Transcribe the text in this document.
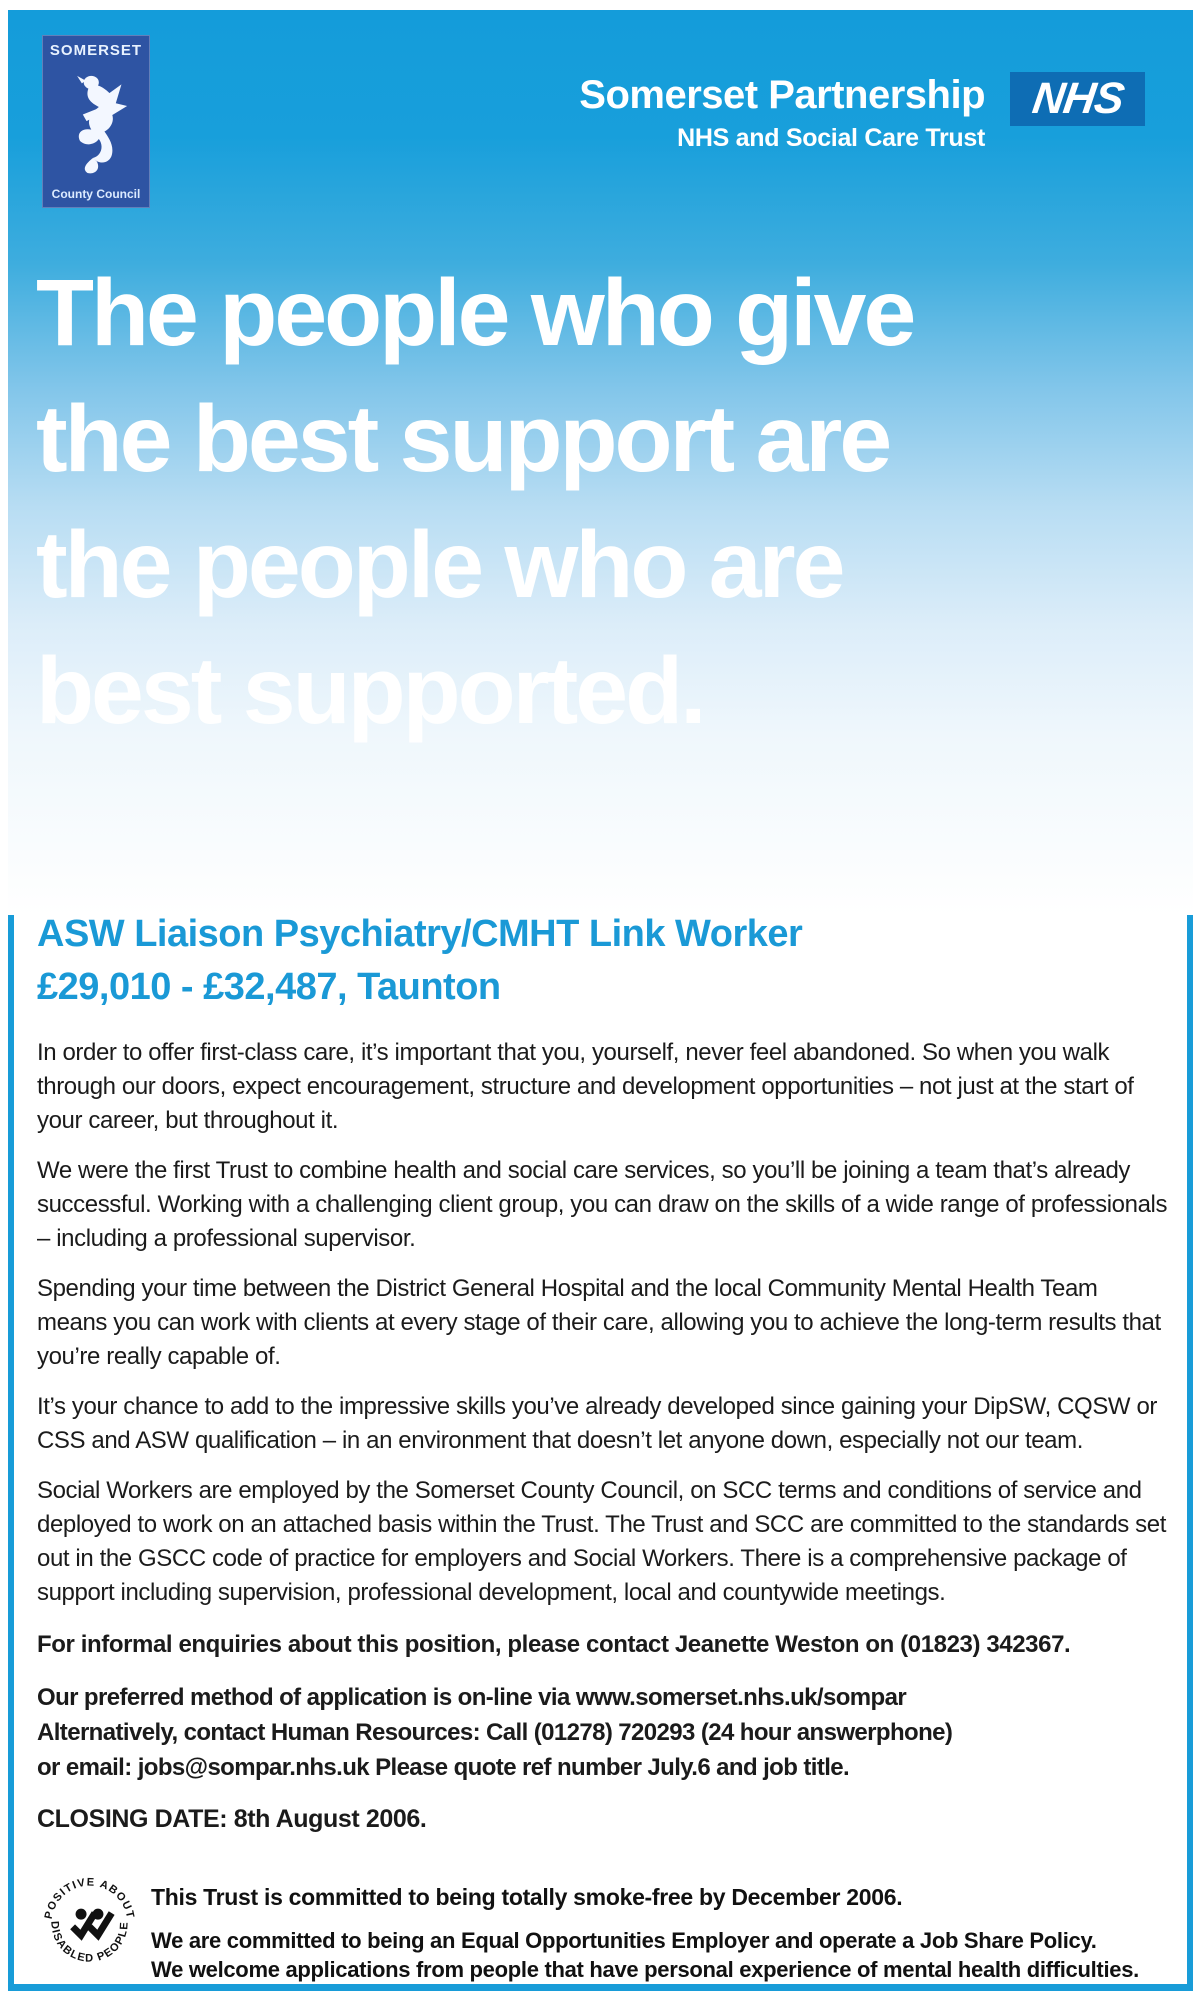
SOMERSET
County Council
Somerset Partnership
NHS and Social Care Trust
NHS
The people who give
the best support are
the people who are
best supported.
ASW Liaison Psychiatry/CMHT Link Worker
£29,010 - £32,487, Taunton

In order to offer first-class care, it’s important that you, yourself, never feel abandoned. So when you walk through our doors, expect encouragement, structure and development opportunities – not just at the start of your career, but throughout it.

We were the first Trust to combine health and social care services, so you’ll be joining a team that’s already successful. Working with a challenging client group, you can draw on the skills of a wide range of professionals – including a professional supervisor.

Spending your time between the District General Hospital and the local Community Mental Health Team means you can work with clients at every stage of their care, allowing you to achieve the long-term results that you’re really capable of.

It’s your chance to add to the impressive skills you’ve already developed since gaining your DipSW, CQSW or CSS and ASW qualification – in an environment that doesn’t let anyone down, especially not our team.

Social Workers are employed by the Somerset County Council, on SCC terms and conditions of service and deployed to work on an attached basis within the Trust. The Trust and SCC are committed to the standards set out in the GSCC code of practice for employers and Social Workers. There is a comprehensive package of support including supervision, professional development, local and countywide meetings.

For informal enquiries about this position, please contact Jeanette Weston on (01823) 342367.

Our preferred method of application is on-line via www.somerset.nhs.uk/sompar

Alternatively, contact Human Resources: Call (01278) 720293 (24 hour answerphone)

or email: jobs@sompar.nhs.uk Please quote ref number July.6 and job title.

CLOSING DATE: 8th August 2006.
POSITIVE ABOUT
DISABLED PEOPLE
This Trust is committed to being totally smoke-free by December 2006.
We are committed to being an Equal Opportunities Employer and operate a Job Share Policy.
We welcome applications from people that have personal experience of mental health difficulties.
